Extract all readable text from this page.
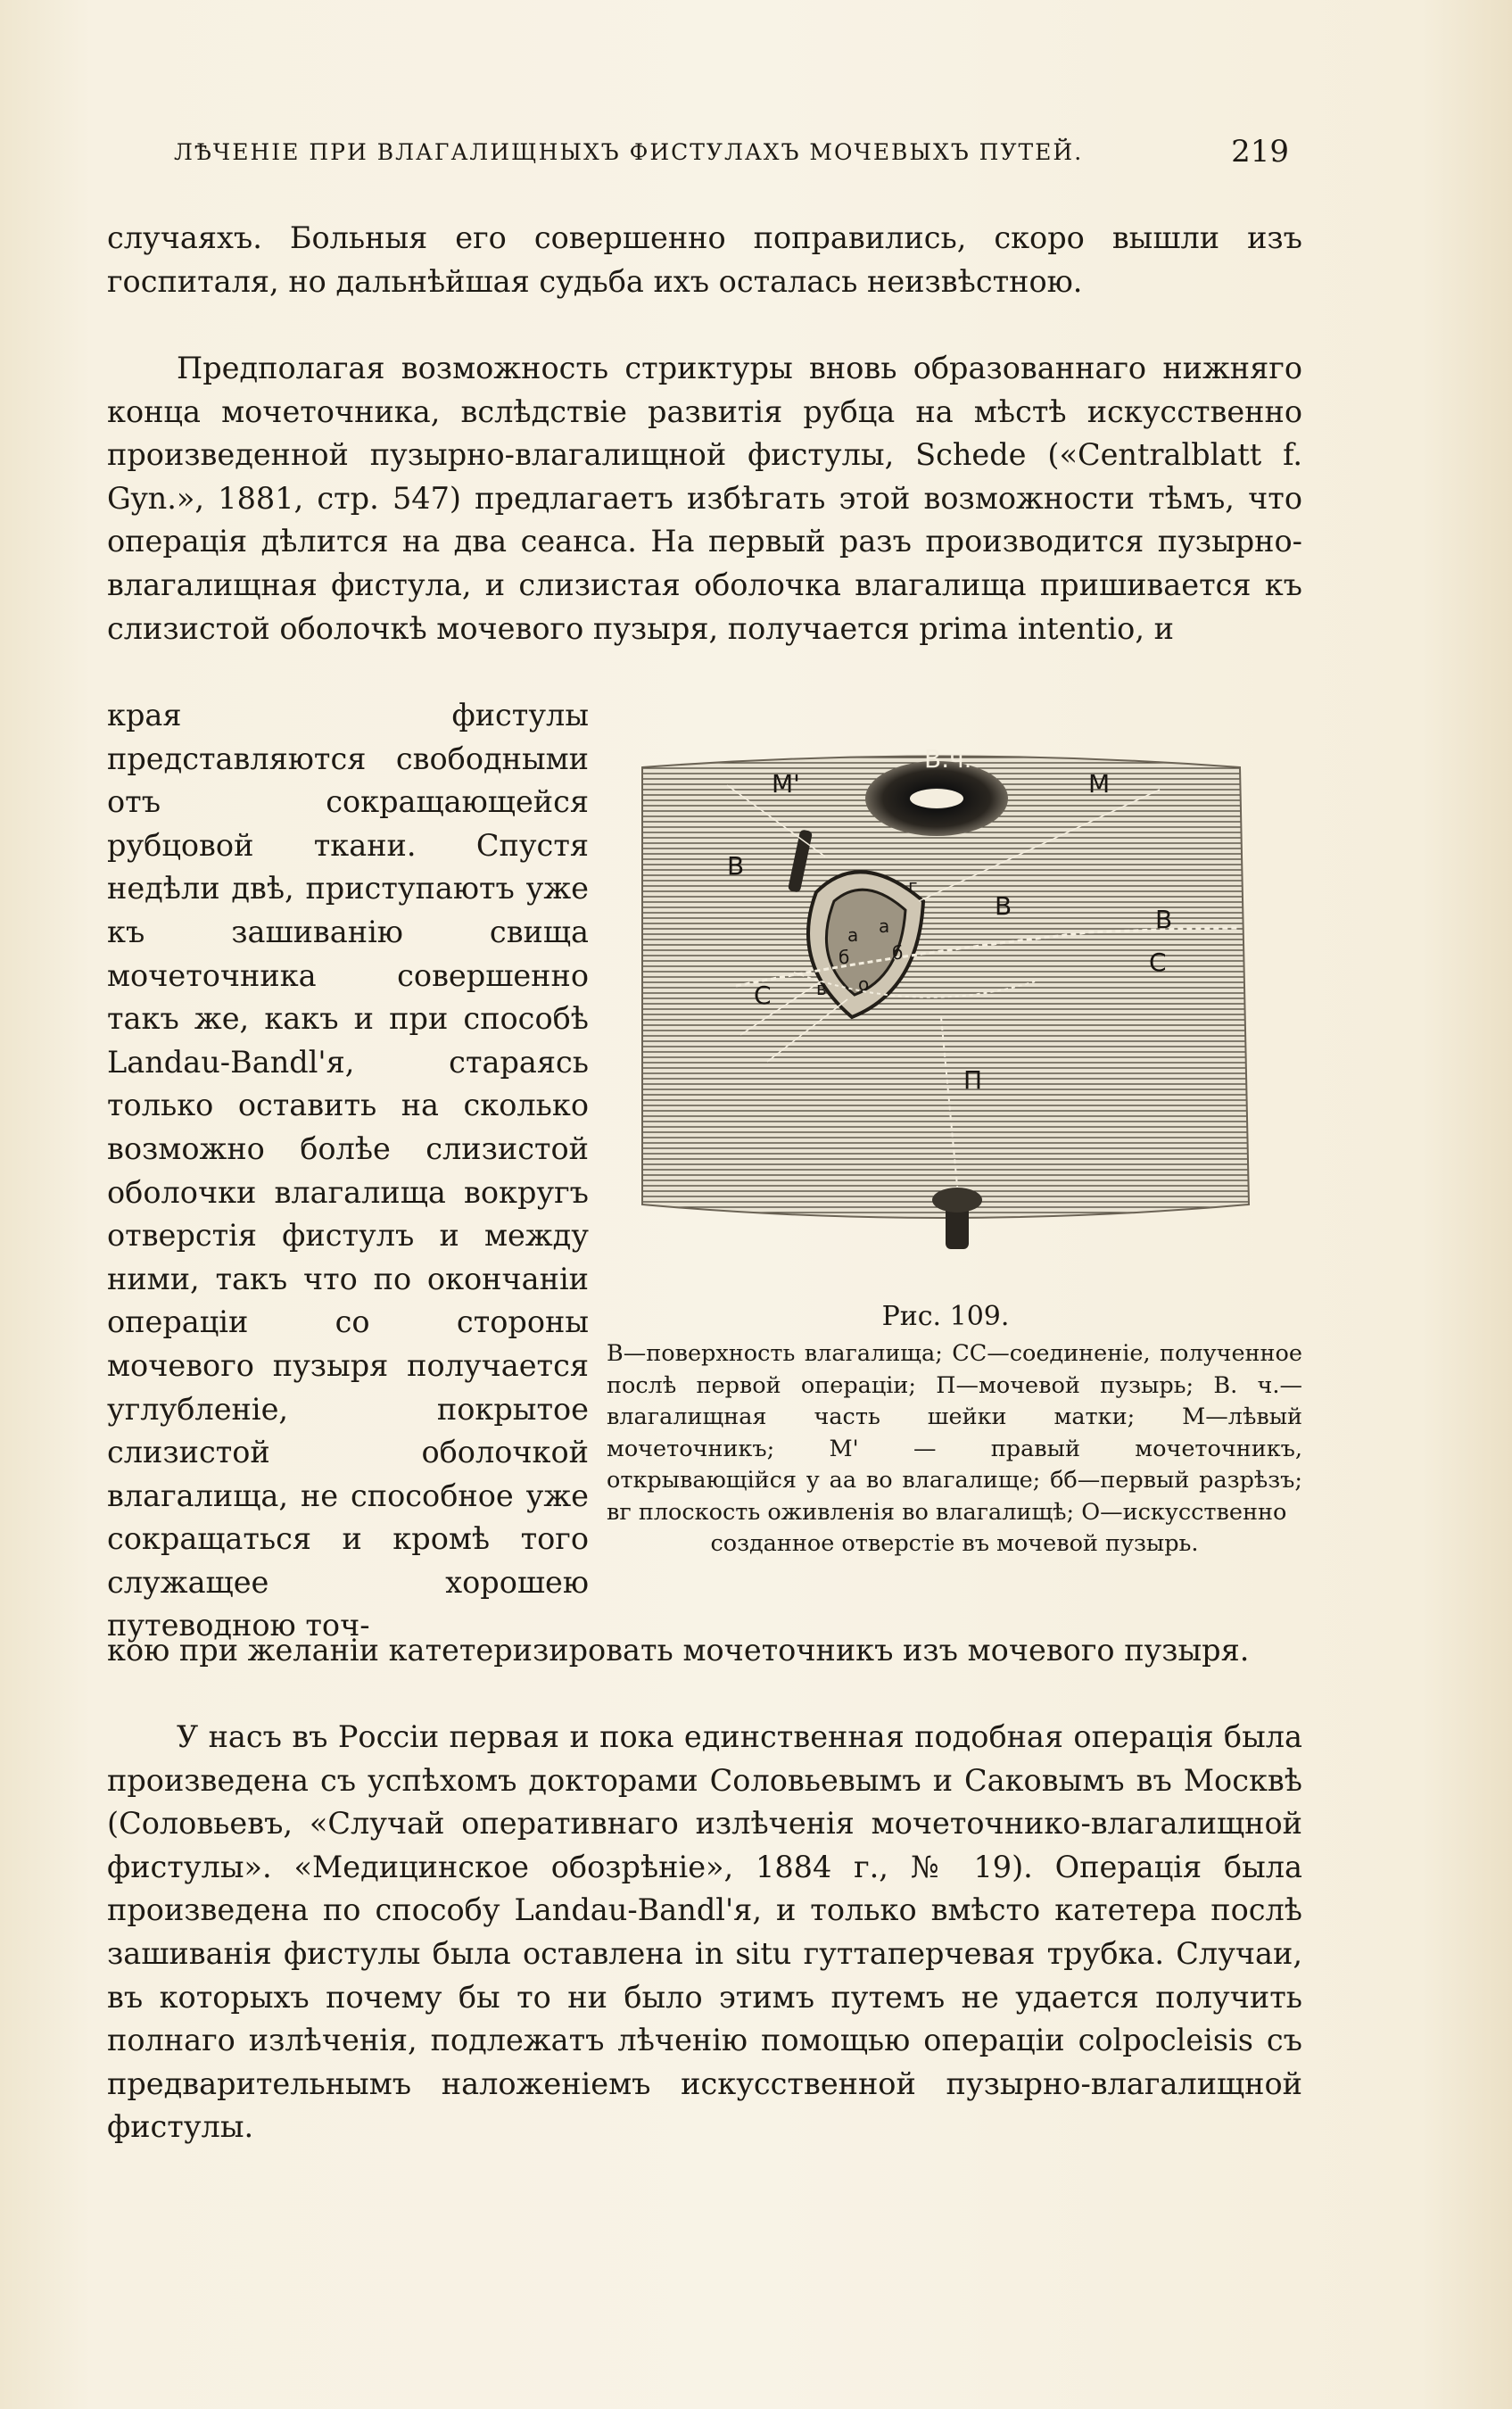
ЛѢЧЕНІЕ ПРИ ВЛАГАЛИЩНЫХЪ ФИСТУЛАХЪ МОЧЕВЫХЪ ПУТЕЙ.	219

случаяхъ. Больныя его совершенно поправились, скоро вышли изъ госпиталя, но дальнѣйшая судьба ихъ осталась неизвѣстною.

Предполагая возможность стриктуры вновь образованнаго нижняго конца мочеточника, вслѣдствіе развитія рубца на мѣстѣ искусственно произведенной пузырно-влагалищной фистулы, Schede («Centralblatt f. Gyn.», 1881, стр. 547) предлагаетъ избѣгать этой возможности тѣмъ, что операція дѣлится на два сеанса. На первый разъ производится пузырно-влагалищная фистула, и слизистая оболочка влагалища пришивается къ слизистой оболочкѣ мочевого пузыря, получается prima intentio, и

края фистулы представляются свободными отъ сокращающейся рубцовой ткани. Спустя недѣли двѣ, приступаютъ уже къ зашиванію свища мочеточника совершенно такъ же, какъ и при способѣ Landau-Bandl'я, стараясь только оставить на сколько возможно болѣе слизистой оболочки влагалища вокругъ отверстія фистулъ и между ними, такъ что по окончаніи операціи со стороны мочевого пузыря получается углубленіе, покрытое слизистой оболочкой влагалища, не способное уже сокращаться и кромѣ того служащее хорошею путеводною точ-

кою при желаніи катетеризировать мочеточникъ изъ мочевого пузыря.

У насъ въ Россіи первая и пока единственная подобная операція была произведена съ успѣхомъ докторами Соловьевымъ и Саковымъ въ Москвѣ (Соловьевъ, «Случай оперативнаго излѣченія мочеточнико-влагалищной фистулы». «Медицинское обозрѣніе», 1884 г., № 19). Операція была произведена по способу Landau-Bandl'я, и только вмѣсто катетера послѣ зашиванія фистулы была оставлена in situ гуттаперчевая трубка. Случаи, въ которыхъ почему бы то ни было этимъ путемъ не удается получить полнаго излѣченія, подлежатъ лѣченію помощью операціи colpocleisis съ предварительнымъ наложеніемъ искусственной пузырно-влагалищной фистулы.

В.ч.
М'	М
В
В	В
С
С
П
а а
б б
о
в
г
Рис. 109.

В—поверхность влагалища; СС—соединеніе, полученное послѣ первой операціи; П—мочевой пузырь; В. ч.—влагалищная часть шейки матки; М—лѣвый мочеточникъ; М' — правый мочеточникъ, открывающійся у аа во влагалище; бб—первый разрѣзъ; вг плоскость оживленія во влагалищѣ; О—искусственно
созданное отверстіе въ мочевой пузырь.
